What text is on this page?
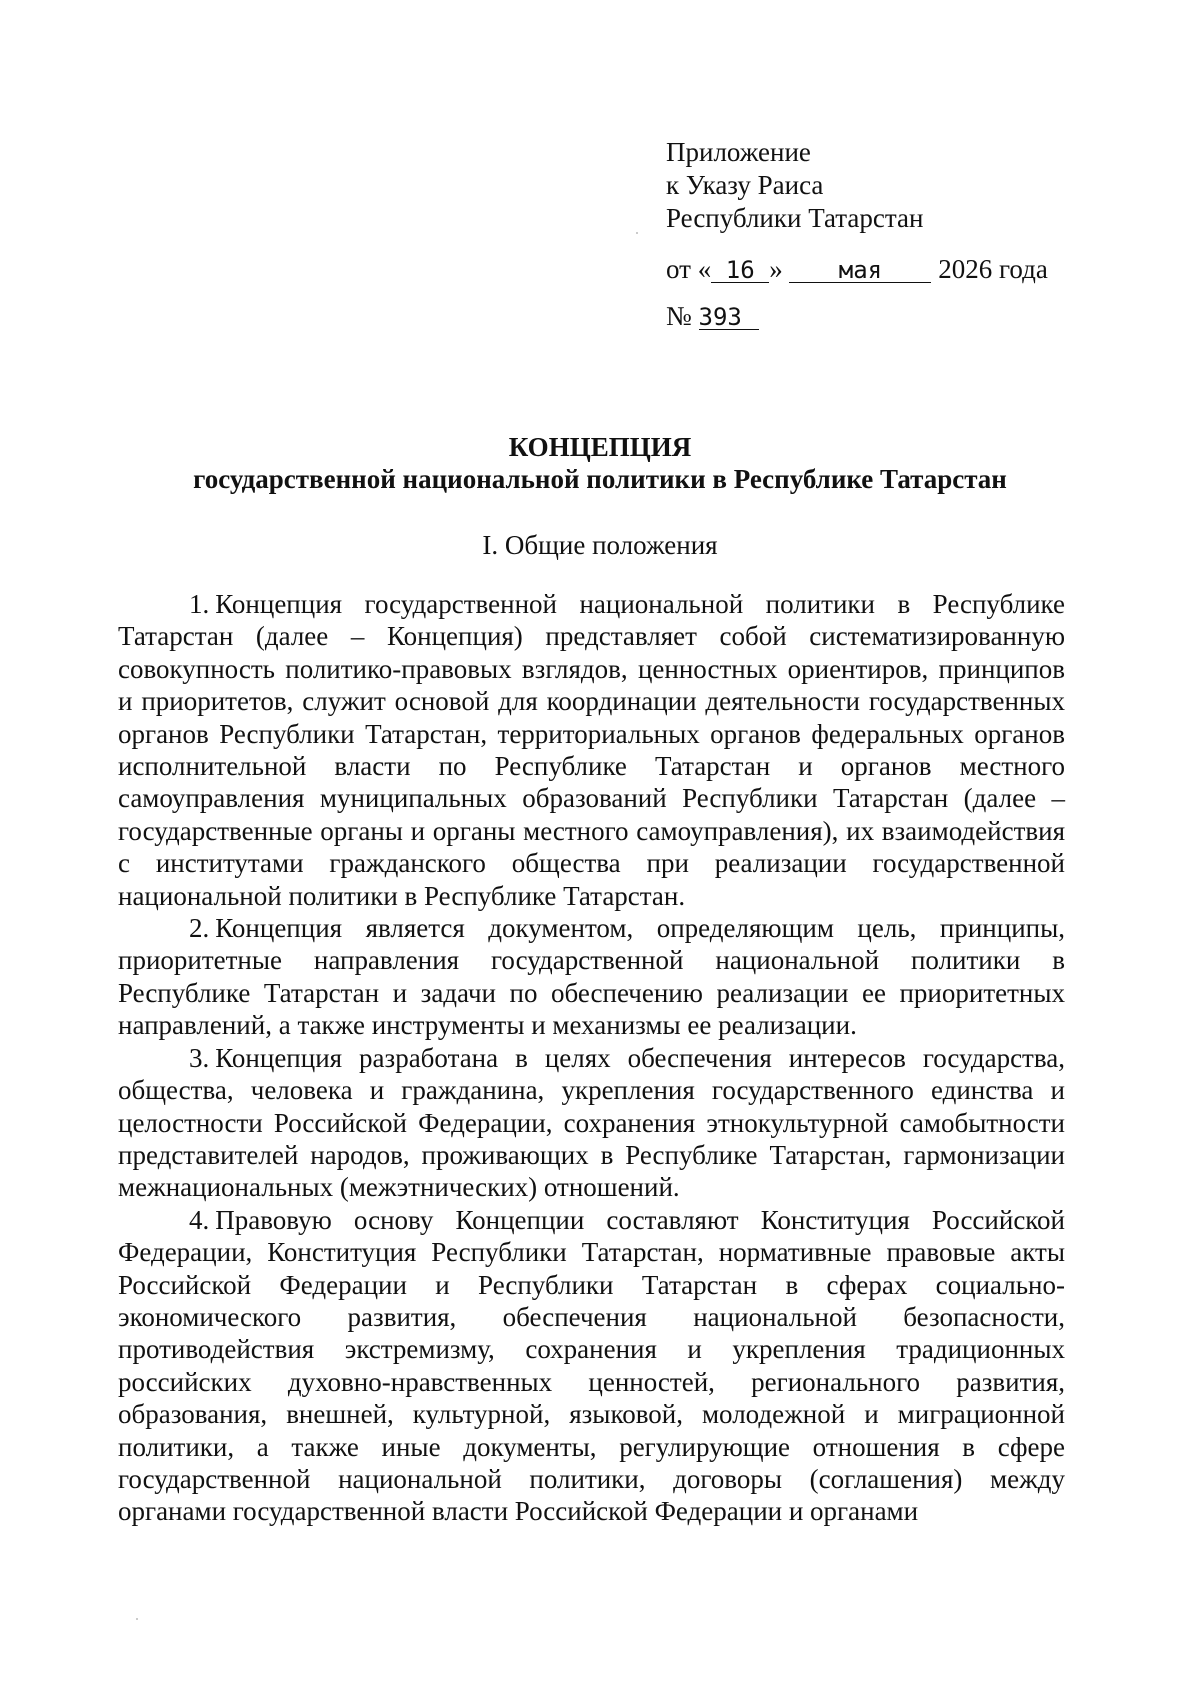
Приложение
к Указу Раиса
Республики Татарстан
от « 16 » мая 2026 года
№ 393
КОНЦЕПЦИЯ
государственной национальной политики в Республике Татарстан
I. Общие положения

1. Концепция государственной национальной политики в Республике Татарстан (далее – Концепция) представляет собой систематизированную совокупность политико-правовых взглядов, ценностных ориентиров, принципов и приоритетов, служит основой для координации деятельности государственных органов Республики Татарстан, территориальных органов федеральных органов исполнительной власти по Республике Татарстан и органов местного самоуправления муниципальных образований Республики Татарстан (далее – государственные органы и органы местного самоуправления), их взаимодействия с институтами гражданского общества при реализации государственной национальной политики в Республике Татарстан.

2. Концепция является документом, определяющим цель, принципы, приоритетные направления государственной национальной политики в Республике Татарстан и задачи по обеспечению реализации ее приоритетных направлений, а также инструменты и механизмы ее реализации.

3. Концепция разработана в целях обеспечения интересов государства, общества, человека и гражданина, укрепления государственного единства и целостности Российской Федерации, сохранения этнокультурной самобытности представителей народов, проживающих в Республике Татарстан, гармонизации межнациональных (межэтнических) отношений.

4. Правовую основу Концепции составляют Конституция Российской Федерации, Конституция Республики Татарстан, нормативные правовые акты Российской Федерации и Республики Татарстан в сферах социально-экономического развития, обеспечения национальной безопасности, противодействия экстремизму, сохранения и укрепления традиционных российских духовно-нравственных ценностей, регионального развития, образования, внешней, культурной, языковой, молодежной и миграционной политики, а также иные документы, регулирующие отношения в сфере государственной национальной политики, договоры (соглашения) между органами государственной власти Российской Федерации и органами
